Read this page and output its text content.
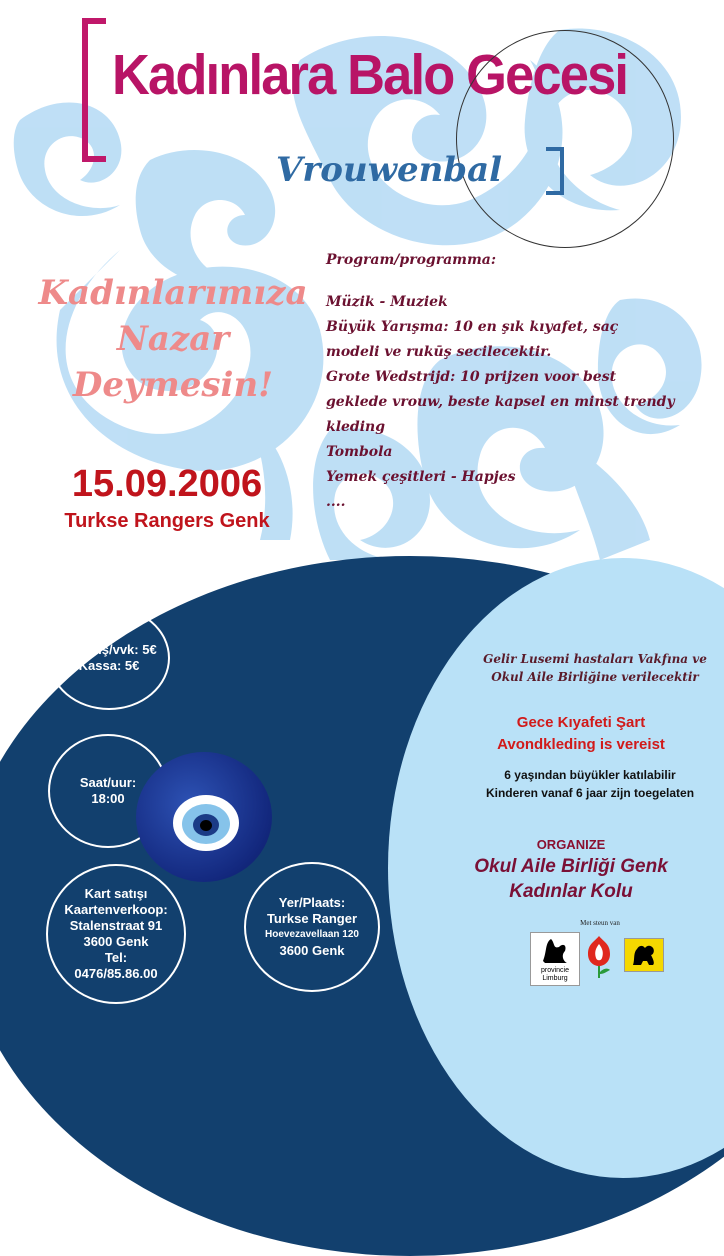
Kadınlara Balo Gecesi
Vrouwenbal
Kadınlarımıza
Nazar
Deymesin!
15.09.2006
Turkse Rangers Genk
Program/programma:
Müzik - Muziek
Büyük Yarışma: 10 en şık kıyafet, saç modeli ve rukūş secilecektir.
Grote Wedstrijd: 10 prijzen voor best geklede vrouw, beste kapsel en minst trendy kleding
Tombola
Yemek çeşitleri - Hapjes
....
Önsatış/vvk: 5€
Kassa: 5€
Saat/uur:
18:00
Kart satışı
Kaartenverkoop:
Stalenstraat 91
3600 Genk
Tel:
0476/85.86.00
Yer/Plaats:
Turkse Ranger
Hoevezavellaan 120
3600 Genk
Gelir Lusemi hastaları Vakfına ve
Okul Aile Birliğine verilecektir
Gece Kıyafeti Şart
Avondkleding is vereist
6 yaşından büyükler katılabilir
Kinderen vanaf 6 jaar zijn toegelaten
ORGANIZE
Okul Aile Birliği Genk
Kadınlar Kolu
Met steun van
provincie Limburg
